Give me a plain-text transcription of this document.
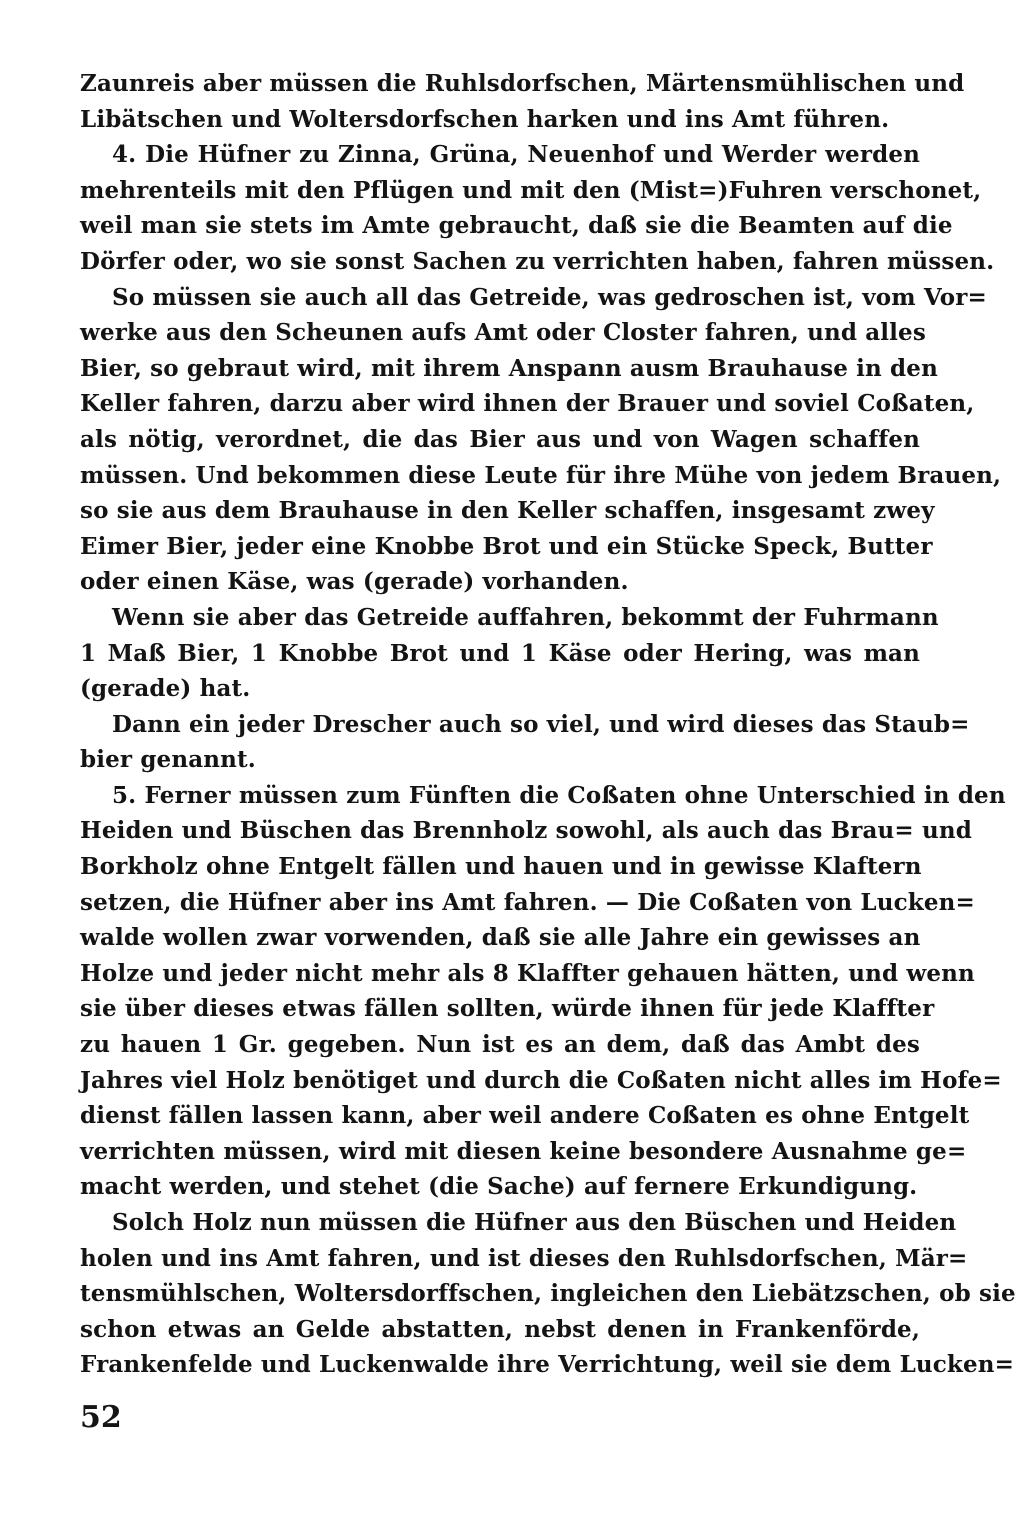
Zaunreis aber müssen die Ruhlsdorfschen, Märtensmühlischen und
Libätschen und Woltersdorfschen harken und ins Amt führen.
4. Die Hüfner zu Zinna, Grüna, Neuenhof und Werder werden
mehrenteils mit den Pflügen und mit den (Mist=)Fuhren verschonet,
weil man sie stets im Amte gebraucht, daß sie die Beamten auf die
Dörfer oder, wo sie sonst Sachen zu verrichten haben, fahren müssen.
So müssen sie auch all das Getreide, was gedroschen ist, vom Vor=
werke aus den Scheunen aufs Amt oder Closter fahren, und alles
Bier, so gebraut wird, mit ihrem Anspann ausm Brauhause in den
Keller fahren, darzu aber wird ihnen der Brauer und soviel Coßaten,
als nötig, verordnet, die das Bier aus und von Wagen schaffen
müssen. Und bekommen diese Leute für ihre Mühe von jedem Brauen,
so sie aus dem Brauhause in den Keller schaffen, insgesamt zwey
Eimer Bier, jeder eine Knobbe Brot und ein Stücke Speck, Butter
oder einen Käse, was (gerade) vorhanden.
Wenn sie aber das Getreide auffahren, bekommt der Fuhrmann
1 Maß Bier, 1 Knobbe Brot und 1 Käse oder Hering, was man
(gerade) hat.
Dann ein jeder Drescher auch so viel, und wird dieses das Staub=
bier genannt.
5. Ferner müssen zum Fünften die Coßaten ohne Unterschied in den
Heiden und Büschen das Brennholz sowohl, als auch das Brau= und
Borkholz ohne Entgelt fällen und hauen und in gewisse Klaftern
setzen, die Hüfner aber ins Amt fahren. — Die Coßaten von Lucken=
walde wollen zwar vorwenden, daß sie alle Jahre ein gewisses an
Holze und jeder nicht mehr als 8 Klaffter gehauen hätten, und wenn
sie über dieses etwas fällen sollten, würde ihnen für jede Klaffter
zu hauen 1 Gr. gegeben. Nun ist es an dem, daß das Ambt des
Jahres viel Holz benötiget und durch die Coßaten nicht alles im Hofe=
dienst fällen lassen kann, aber weil andere Coßaten es ohne Entgelt
verrichten müssen, wird mit diesen keine besondere Ausnahme ge=
macht werden, und stehet (die Sache) auf fernere Erkundigung.
Solch Holz nun müssen die Hüfner aus den Büschen und Heiden
holen und ins Amt fahren, und ist dieses den Ruhlsdorfschen, Mär=
tensmühlschen, Woltersdorffschen, ingleichen den Liebätzschen, ob sie
schon etwas an Gelde abstatten, nebst denen in Frankenförde,
Frankenfelde und Luckenwalde ihre Verrichtung, weil sie dem Lucken=
52
